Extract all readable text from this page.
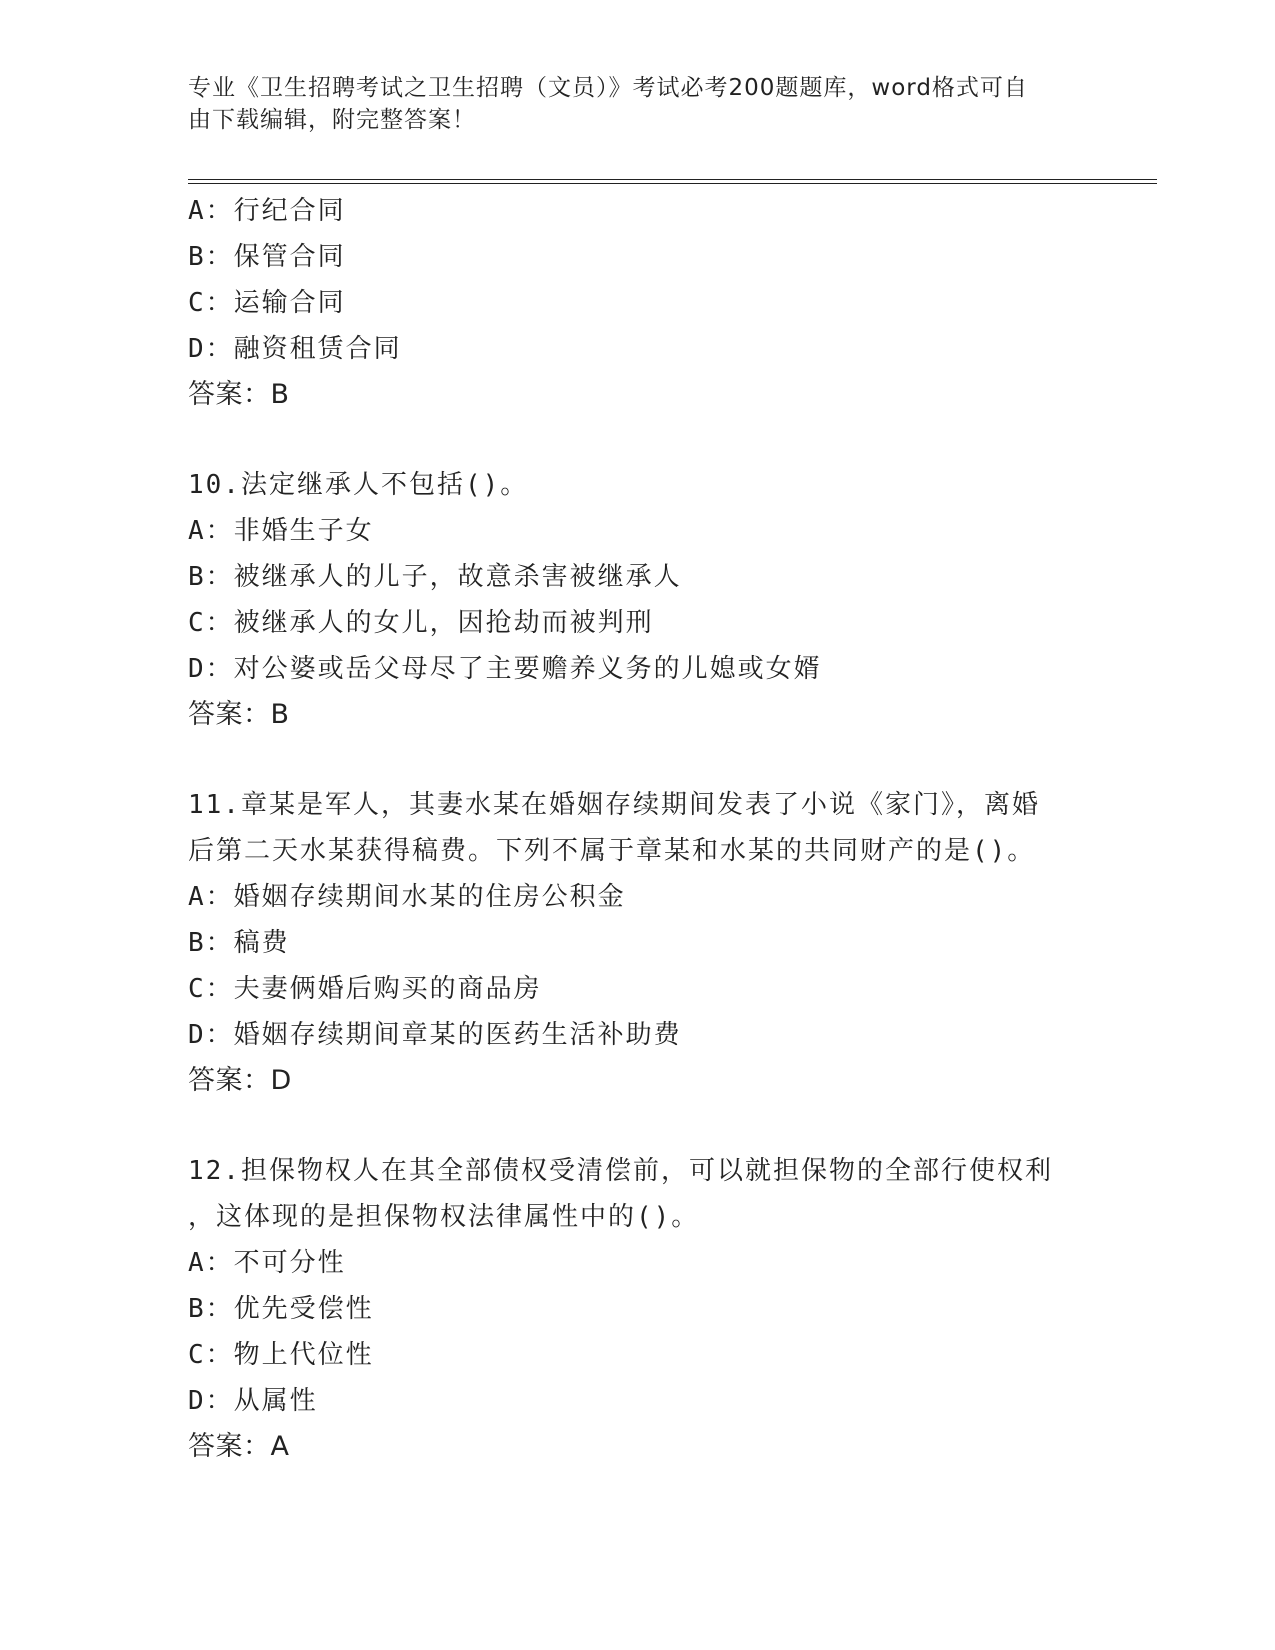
专业《卫生招聘考试之卫生招聘（文员）》考试必考200题题库，word格式可自
由下载编辑，附完整答案！
A：行纪合同
B：保管合同
C：运输合同
D：融资租赁合同
答案：B
10.法定继承人不包括()。
A：非婚生子女
B：被继承人的儿子，故意杀害被继承人
C：被继承人的女儿，因抢劫而被判刑
D：对公婆或岳父母尽了主要赡养义务的儿媳或女婿
答案：B
11.章某是军人，其妻水某在婚姻存续期间发表了小说《家门》，离婚
后第二天水某获得稿费。下列不属于章某和水某的共同财产的是()。
A：婚姻存续期间水某的住房公积金
B：稿费
C：夫妻俩婚后购买的商品房
D：婚姻存续期间章某的医药生活补助费
答案：D
12.担保物权人在其全部债权受清偿前，可以就担保物的全部行使权利
，这体现的是担保物权法律属性中的()。
A：不可分性
B：优先受偿性
C：物上代位性
D：从属性
答案：A
